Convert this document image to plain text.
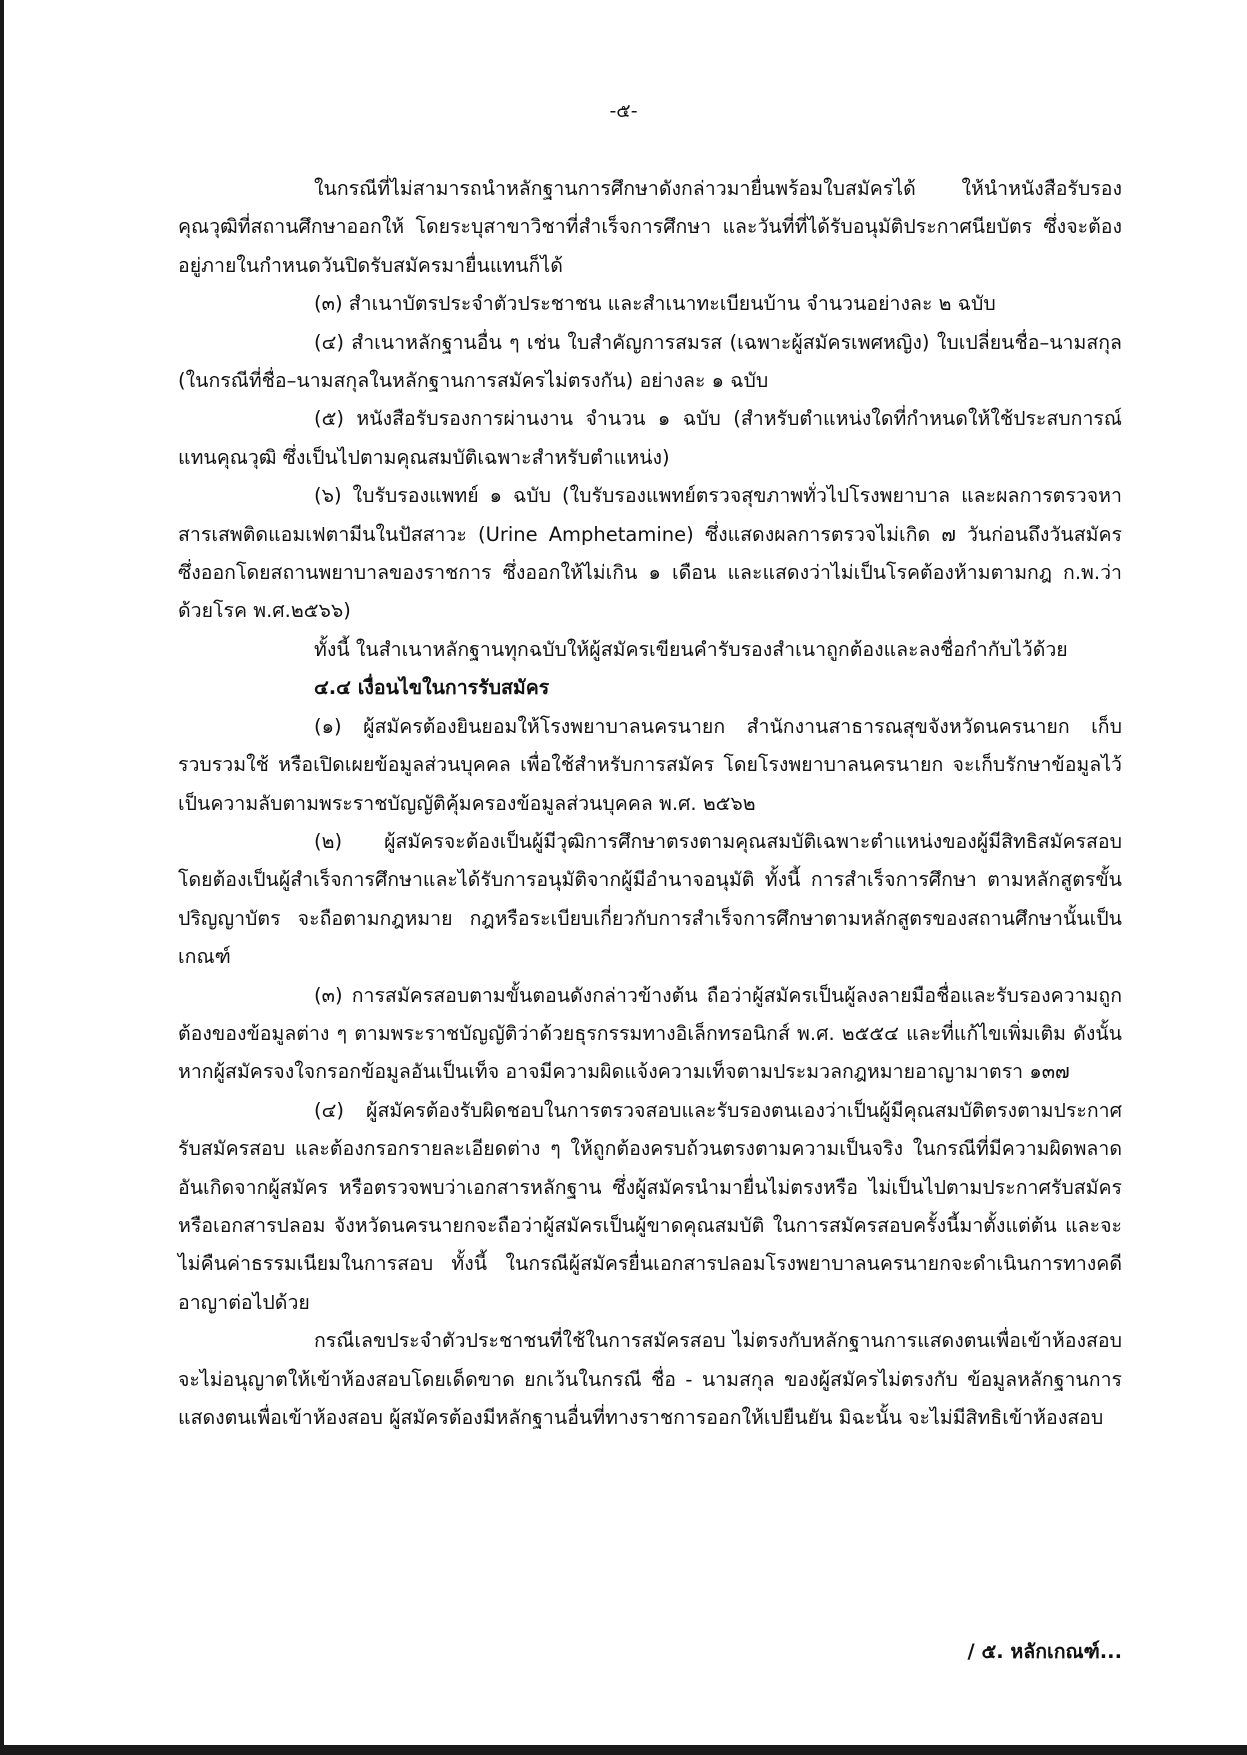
-๕-

ในกรณีที่ไม่สามารถนำหลักฐานการศึกษาดังกล่าวมายื่นพร้อมใบสมัครได้ ให้นำหนังสือรับรองคุณวุฒิที่สถานศึกษาออกให้ โดยระบุสาขาวิชาที่สำเร็จการศึกษา และวันที่ที่ได้รับอนุมัติประกาศนียบัตร ซึ่งจะต้องอยู่ภายในกำหนดวันปิดรับสมัครมายื่นแทนก็ได้

(๓) สำเนาบัตรประจำตัวประชาชน และสำเนาทะเบียนบ้าน จำนวนอย่างละ ๒ ฉบับ

(๔) สำเนาหลักฐานอื่น ๆ เช่น ใบสำคัญการสมรส (เฉพาะผู้สมัครเพศหญิง) ใบเปลี่ยนชื่อ–นามสกุล (ในกรณีที่ชื่อ–นามสกุลในหลักฐานการสมัครไม่ตรงกัน) อย่างละ ๑ ฉบับ

(๕) หนังสือรับรองการผ่านงาน จำนวน ๑ ฉบับ (สำหรับตำแหน่งใดที่กำหนดให้ใช้ประสบการณ์แทนคุณวุฒิ ซึ่งเป็นไปตามคุณสมบัติเฉพาะสำหรับตำแหน่ง)

(๖) ใบรับรองแพทย์ ๑ ฉบับ (ใบรับรองแพทย์ตรวจสุขภาพทั่วไปโรงพยาบาล และผลการตรวจหาสารเสพติดแอมเฟตามีนในปัสสาวะ (Urine Amphetamine) ซึ่งแสดงผลการตรวจไม่เกิด ๗ วันก่อนถึงวันสมัคร ซึ่งออกโดยสถานพยาบาลของราชการ ซึ่งออกให้ไม่เกิน ๑ เดือน และแสดงว่าไม่เป็นโรคต้องห้ามตามกฎ ก.พ.ว่าด้วยโรค พ.ศ.๒๕๖๖)

ทั้งนี้ ในสำเนาหลักฐานทุกฉบับให้ผู้สมัครเขียนคำรับรองสำเนาถูกต้องและลงชื่อกำกับไว้ด้วย

๔.๔ เงื่อนไขในการรับสมัคร

(๑) ผู้สมัครต้องยินยอมให้โรงพยาบาลนครนายก สำนักงานสาธารณสุขจังหวัดนครนายก เก็บรวบรวมใช้ หรือเปิดเผยข้อมูลส่วนบุคคล เพื่อใช้สำหรับการสมัคร โดยโรงพยาบาลนครนายก จะเก็บรักษาข้อมูลไว้เป็นความลับตามพระราชบัญญัติคุ้มครองข้อมูลส่วนบุคคล พ.ศ. ๒๕๖๒

(๒) ผู้สมัครจะต้องเป็นผู้มีวุฒิการศึกษาตรงตามคุณสมบัติเฉพาะตำแหน่งของผู้มีสิทธิสมัครสอบ โดยต้องเป็นผู้สำเร็จการศึกษาและได้รับการอนุมัติจากผู้มีอำนาจอนุมัติ ทั้งนี้ การสำเร็จการศึกษา ตามหลักสูตรขั้นปริญญาบัตร จะถือตามกฎหมาย กฎหรือระเบียบเกี่ยวกับการสำเร็จการศึกษาตามหลักสูตรของสถานศึกษานั้นเป็นเกณฑ์

(๓) การสมัครสอบตามขั้นตอนดังกล่าวข้างต้น ถือว่าผู้สมัครเป็นผู้ลงลายมือชื่อและรับรองความถูกต้องของข้อมูลต่าง ๆ ตามพระราชบัญญัติว่าด้วยธุรกรรมทางอิเล็กทรอนิกส์ พ.ศ. ๒๕๕๔ และที่แก้ไขเพิ่มเติม ดังนั้น หากผู้สมัครจงใจกรอกข้อมูลอันเป็นเท็จ อาจมีความผิดแจ้งความเท็จตามประมวลกฎหมายอาญามาตรา ๑๓๗

(๔) ผู้สมัครต้องรับผิดชอบในการตรวจสอบและรับรองตนเองว่าเป็นผู้มีคุณสมบัติตรงตามประกาศรับสมัครสอบ และต้องกรอกรายละเอียดต่าง ๆ ให้ถูกต้องครบถ้วนตรงตามความเป็นจริง ในกรณีที่มีความผิดพลาดอันเกิดจากผู้สมัคร หรือตรวจพบว่าเอกสารหลักฐาน ซึ่งผู้สมัครนำมายื่นไม่ตรงหรือ ไม่เป็นไปตามประกาศรับสมัครหรือเอกสารปลอม จังหวัดนครนายกจะถือว่าผู้สมัครเป็นผู้ขาดคุณสมบัติ ในการสมัครสอบครั้งนี้มาตั้งแต่ต้น และจะไม่คืนค่าธรรมเนียมในการสอบ ทั้งนี้ ในกรณีผู้สมัครยื่นเอกสารปลอมโรงพยาบาลนครนายกจะดำเนินการทางคดีอาญาต่อไปด้วย

กรณีเลขประจำตัวประชาชนที่ใช้ในการสมัครสอบ ไม่ตรงกับหลักฐานการแสดงตนเพื่อเข้าห้องสอบ จะไม่อนุญาตให้เข้าห้องสอบโดยเด็ดขาด ยกเว้นในกรณี ชื่อ - นามสกุล ของผู้สมัครไม่ตรงกับ ข้อมูลหลักฐานการแสดงตนเพื่อเข้าห้องสอบ ผู้สมัครต้องมีหลักฐานอื่นที่ทางราชการออกให้เปยืนยัน มิฉะนั้น จะไม่มีสิทธิเข้าห้องสอบ

/ ๕. หลักเกณฑ์...
